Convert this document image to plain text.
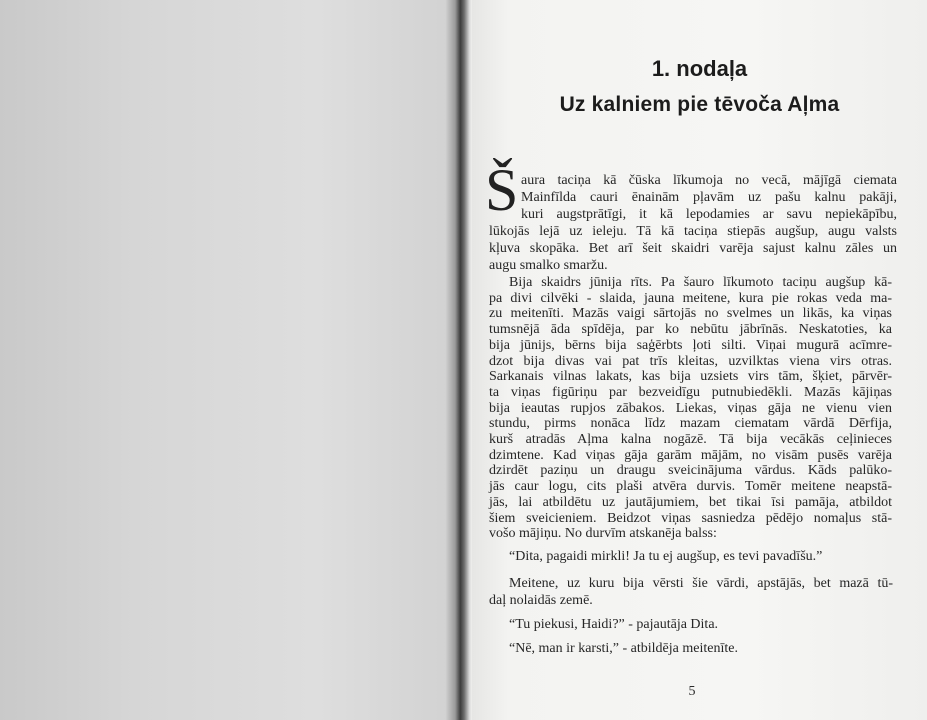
1. nodaļa
Uz kalniem pie tēvoča Aļma
Š aura taciņa kā čūska līkumoja no vecā, mājīgā ciemata
Mainfīlda cauri ēnainām pļavām uz pašu kalnu pakāji,
kuri augstprātīgi, it kā lepodamies ar savu nepiekāpību,
lūkojās lejā uz ieleju. Tā kā taciņa stiepās augšup, augu valsts
kļuva skopāka. Bet arī šeit skaidri varēja sajust kalnu zāles un
augu smalko smaržu.
Bija skaidrs jūnija rīts. Pa šauro līkumoto taciņu augšup kā-
pa divi cilvēki - slaida, jauna meitene, kura pie rokas veda ma-
zu meitenīti. Mazās vaigi sārtojās no svelmes un likās, ka viņas
tumsnējā āda spīdēja, par ko nebūtu jābrīnās. Neskatoties, ka
bija jūnijs, bērns bija saģērbts ļoti silti. Viņai mugurā acīmre-
dzot bija divas vai pat trīs kleitas, uzvilktas viena virs otras.
Sarkanais vilnas lakats, kas bija uzsiets virs tām, šķiet, pārvēr-
ta viņas figūriņu par bezveidīgu putnubiedēkli. Mazās kājiņas
bija ieautas rupjos zābakos. Liekas, viņas gāja ne vienu vien
stundu, pirms nonāca līdz mazam ciematam vārdā Dērfija,
kurš atradās Aļma kalna nogāzē. Tā bija vecākās ceļinieces
dzimtene. Kad viņas gāja garām mājām, no visām pusēs varēja
dzirdēt paziņu un draugu sveicinājuma vārdus. Kāds palūko-
jās caur logu, cits plaši atvēra durvis. Tomēr meitene neapstā-
jās, lai atbildētu uz jautājumiem, bet tikai īsi pamāja, atbildot
šiem sveicieniem. Beidzot viņas sasniedza pēdējo nomaļus stā-
vošo mājiņu. No durvīm atskanēja balss:
“Dita, pagaidi mirkli! Ja tu ej augšup, es tevi pavadīšu.”
Meitene, uz kuru bija vērsti šie vārdi, apstājās, bet mazā tū-
daļ nolaidās zemē.
“Tu piekusi, Haidi?” - pajautāja Dita.
“Nē, man ir karsti,” - atbildēja meitenīte.
5
